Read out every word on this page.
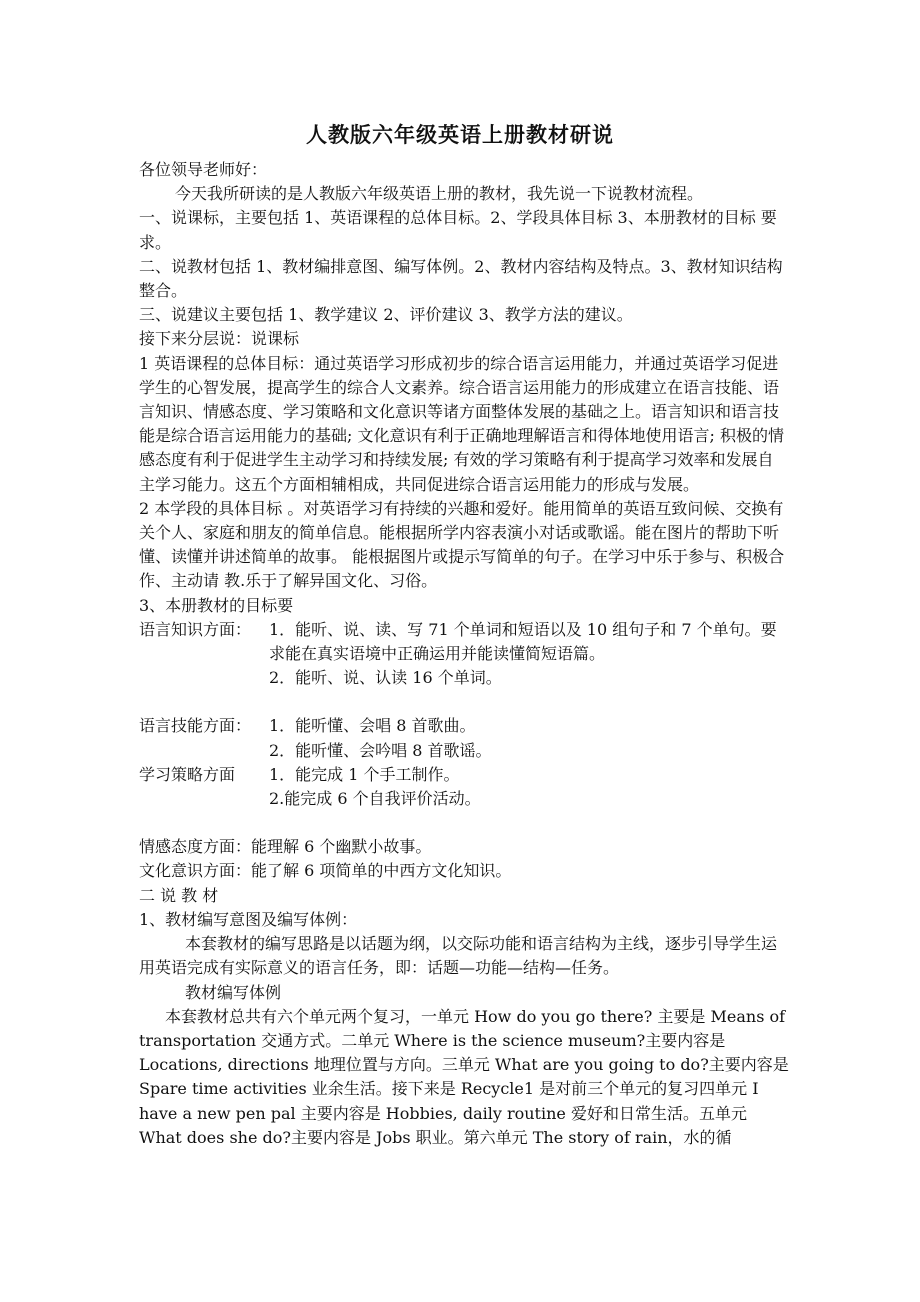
人教版六年级英语上册教材研说

各位领导老师好：

今天我所研读的是人教版六年级英语上册的教材，我先说一下说教材流程。

一、说课标，主要包括 1、英语课程的总体目标。2、学段具体目标 3、本册教材的目标 要求。

二、说教材包括 1、教材编排意图、编写体例。2、教材内容结构及特点。3、教材知识结构整合。

三、说建议主要包括 1、教学建议 2、评价建议 3、教学方法的建议。

接下来分层说：说课标

1 英语课程的总体目标：通过英语学习形成初步的综合语言运用能力，并通过英语学习促进学生的心智发展，提高学生的综合人文素养。综合语言运用能力的形成建立在语言技能、语言知识、情感态度、学习策略和文化意识等诸方面整体发展的基础之上。语言知识和语言技能是综合语言运用能力的基础; 文化意识有利于正确地理解语言和得体地使用语言; 积极的情感态度有利于促进学生主动学习和持续发展; 有效的学习策略有利于提高学习效率和发展自主学习能力。这五个方面相辅相成，共同促进综合语言运用能力的形成与发展。

2 本学段的具体目标 。对英语学习有持续的兴趣和爱好。能用简单的英语互致问候、交换有关个人、家庭和朋友的简单信息。能根据所学内容表演小对话或歌谣。能在图片的帮助下听懂、读懂并讲述简单的故事。 能根据图片或提示写简单的句子。在学习中乐于参与、积极合作、主动请 教.乐于了解异国文化、习俗。

3、本册教材的目标要

语言知识方面：	1．能听、说、读、写 71 个单词和短语以及 10 组句子和 7 个单句。要求能在真实语境中正确运用并能读懂简短语篇。
2．能听、说、认读 16 个单词。
语言技能方面：	1．能听懂、会唱 8 首歌曲。
2．能听懂、会吟唱 8 首歌谣。
学习策略方面	1．能完成 1 个手工制作。
2.能完成 6 个自我评价活动。

情感态度方面：能理解 6 个幽默小故事。

文化意识方面：能了解 6 项简单的中西方文化知识。

二 说 教 材

1、教材编写意图及编写体例：

本套教材的编写思路是以话题为纲，以交际功能和语言结构为主线，逐步引导学生运用英语完成有实际意义的语言任务，即：话题—功能—结构—任务。

教材编写体例

本套教材总共有六个单元两个复习，一单元 How do you go there? 主要是 Means of transportation 交通方式。二单元 Where is the science museum?主要内容是 Locations, directions 地理位置与方向。三单元 What are you going to do?主要内容是 Spare time activities 业余生活。接下来是 Recycle1 是对前三个单元的复习四单元 I have a new pen pal 主要内容是 Hobbies, daily routine 爱好和日常生活。五单元 What does she do?主要内容是 Jobs 职业。第六单元 The story of rain，水的循
